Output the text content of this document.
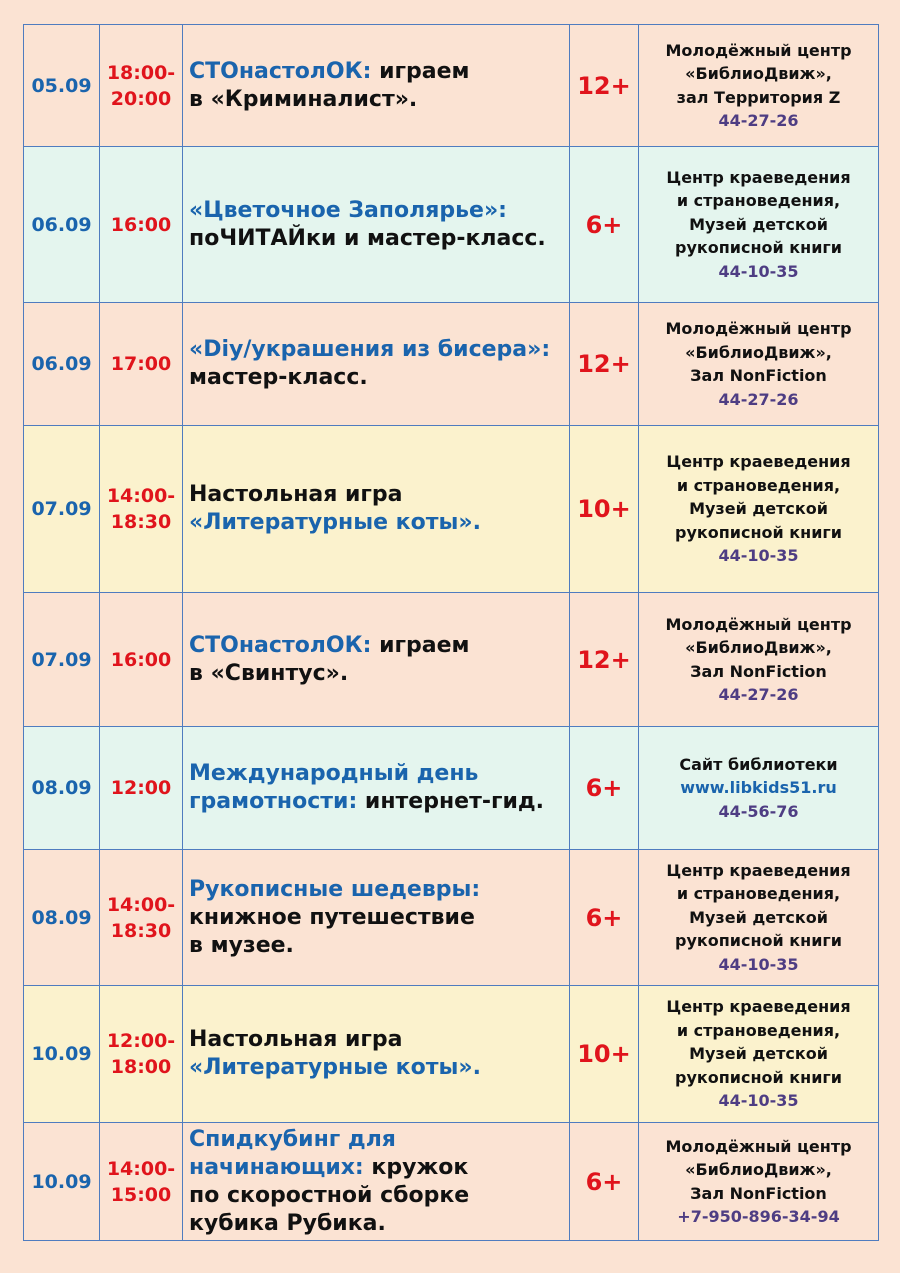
05.09	18:00-
20:00	СТОнастолОК: играем
в «Криминалист».	12+	Молодёжный центр
«БиблиоДвиж»,
зал Территория Z
44-27-26

06.09	16:00	«Цветочное Заполярье»:
поЧИТАЙки и мастер-класс.	6+	Центр краеведения
и страноведения,
Музей детской
рукописной книги
44-10-35

06.09	17:00	«Diy/украшения из бисера»:
мастер-класс.	12+	Молодёжный центр
«БиблиоДвиж»,
Зал NonFiction
44-27-26

07.09	14:00-
18:30	Настольная игра
«Литературные коты».	10+	Центр краеведения
и страноведения,
Музей детской
рукописной книги
44-10-35

07.09	16:00	СТОнастолОК: играем
в «Свинтус».	12+	Молодёжный центр
«БиблиоДвиж»,
Зал NonFiction
44-27-26

08.09	12:00	Международный день
грамотности: интернет-гид.	6+	Сайт библиотеки
www.libkids51.ru
44-56-76

08.09	14:00-
18:30	Рукописные шедевры:
книжное путешествие
в музее.	6+	Центр краеведения
и страноведения,
Музей детской
рукописной книги
44-10-35

10.09	12:00-
18:00	Настольная игра
«Литературные коты».	10+	Центр краеведения
и страноведения,
Музей детской
рукописной книги
44-10-35

10.09	14:00-
15:00	Спидкубинг для
начинающих: кружок
по скоростной сборке
кубика Рубика.	6+	Молодёжный центр
«БиблиоДвиж»,
Зал NonFiction
+7-950-896-34-94
